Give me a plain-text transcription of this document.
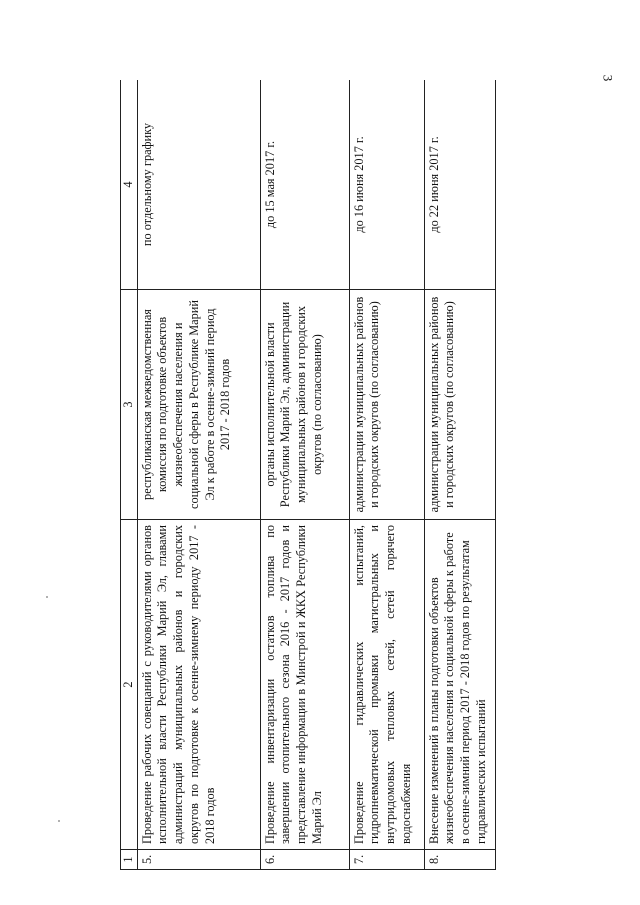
3
1	2	3	4
5.	Проведение рабочих совещаний с руководителями органов исполнительной власти Республики Марий Эл, главами администраций муниципальных районов и городских округов по подготовке к осенне-зимнему периоду 2017 - 2018 годов	республиканская межведомственная комиссия по подготовке объектов жизнеобеспечения населения и социальной сферы в Республике Марий Эл к работе в осенне-зимний период 2017 - 2018 годов	по отдельному графику
6.	Проведение инвентаризации остатков топлива по завершении отопительного сезона 2016 - 2017 годов и представление информации в Минстрой и ЖКХ Республики Марий Эл	органы исполнительной власти Республики Марий Эл, администрации муниципальных районов и городских округов (по согласованию)	до 15 мая 2017 г.
7.	Проведение гидравлических испытаний, гидропневматической промывки магистральных и внутридомовых тепловых сетей, сетей горячего водоснабжения	администрации муниципальных районов и городских округов (по согласованию)	до 16 июня 2017 г.
8.	Внесение изменений в планы подготовки объектов жизнеобеспечения населения и социальной сферы к работе в осенне-зимний период 2017 - 2018 годов по результатам гидравлических испытаний	администрации муниципальных районов и городских округов (по согласованию)	до 22 июня 2017 г.
